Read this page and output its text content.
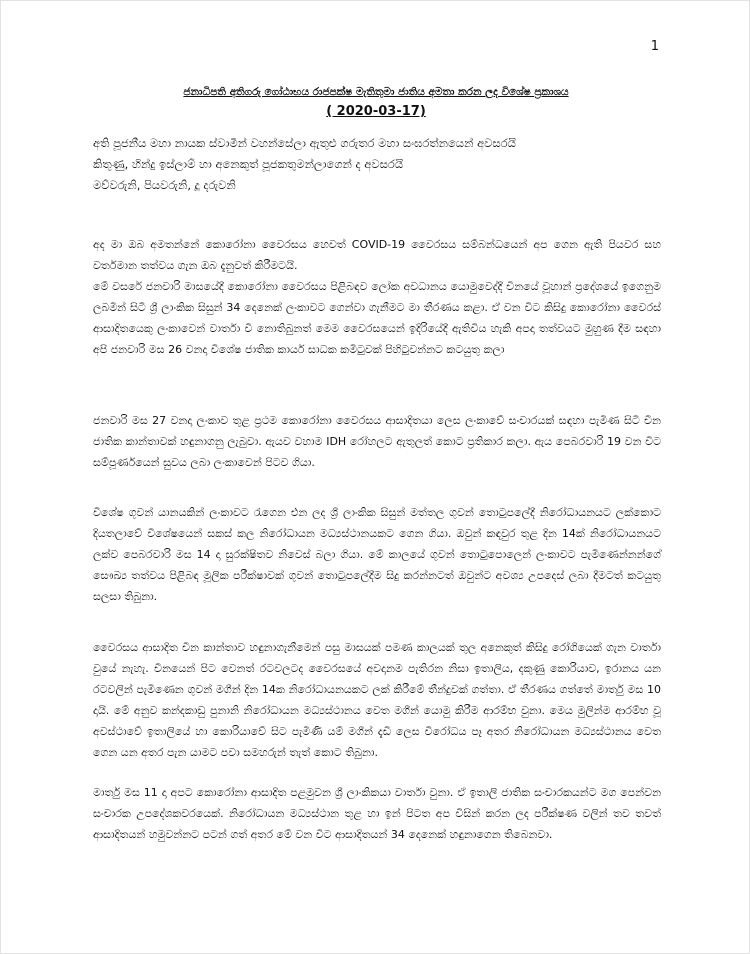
1
ජනාධිපති අතිගරු ගෝඨාභය රාජපක්ෂ මැතිතුමා ජාතිය අමතා කරන ලද විශේෂ ප්‍රකාශය
( 2020-03-17)
අති පූජනීය මහා නායක ස්වාමීන් වහන්සේලා ඇතුළු ගරුතර මහා සංඝරත්නයෙන් අවසරයි
කිතුණු, හින්දු ඉස්ලාම් හා අනෙකුත් පූජකතුමන්ලාගෙන් ද අවසරයි
මව්වරුනි, පියවරුනි, දූ දරුවනි

අද මා ඔබ අමතන්නේ කොරෝනා වෛරසය හෙවත් COVID-19 වෛරසය සම්බන්ධයෙන් අප ගෙන ඇති පියවර සහ වර්තමාන තත්වය ගැන ඔබ දැනුවත් කිරීමටයි.

මේ වසරේ ජනවාරි මාසයේදී කොරෝනා වෛරසය පිළිබඳව ලෝක අවධානය යොමුවෙද්දී චීනයේ වූහාන් ප්‍රදේශයේ ඉගෙනුම ලබමින් සිටි ශ්‍රී ලාංකික සිසුන් 34 දෙනෙක් ලංකාවට ගෙන්වා ගැනීමට මා තීරණය කළා. ඒ වන විට කිසිදු කොරෝනා වෛරස් ආසාදිතයෙකු ලංකාවෙන් වාර්තා වී නොතිබුනත් මෙම වෛරසයෙන් ඉදිරියේදී ඇතිවිය හැකි අපදා තත්වයට මුහුණ දීම සඳහා අපි ජනවාරි මස 26 වනදා විශේෂ ජාතික කාර්ය සාධක කමිටුවක් පිහිටුවන්නට කටයුතු කලා

ජනවාරි මස 27 වනදා ලංකාව තුළ ප්‍රථම කොරෝනා වෛරසය ආසාදිතයා ලෙස ලංකාවේ සංචාරයක් සඳහා පැමිණ සිටි චීන ජාතික කාන්තාවක් හඳුනාගනු ලැබුවා. ඇයව වහාම IDH රෝහලට ඇතුලත් කොට ප්‍රතිකාර කලා. ඇය පෙබරවාරි 19 වන විට සම්පූර්ණයෙන් සුවය ලබා ලංකාවෙන් පිටව ගියා.

විශේෂ ගුවන් යානයකින් ලංකාවට රැගෙන එන ලද ශ්‍රී ලාංකික සිසුන් මත්තල ගුවන් තොටුපලේදී නිරෝධායනයට ලක්කොට දියතලාවේ විශේෂයෙන් සකස් කල නිරෝධායන මධ්‍යස්ථානයකට ගෙන ගියා. ඔවුන් කඳවුර තුළ දින 14ක් නිරෝධායනයට ලක්ව පෙබරවාරි මස 14 දා සුරක්ෂිතව නිවෙස් බලා ගියා. මේ කාලයේ ගුවන් තොටුපොලෙන් ලංකාවට පැමිණෙන්නන්ගේ සෞඛ්‍ය තත්වය පිළිබඳ මූලික පරීක්ෂාවක් ගුවන් තොටුපලේදීම සිදු කරන්නටත් ඔවුන්ට අවශ්‍ය උපදෙස් ලබා දීමටත් කටයුතු සලසා තිබුනා.

වෛරසය ආසාදිත චීන කාන්තාව හඳුනාගැනීමෙන් පසු මාසයක් පමණ කාලයක් තුල අනෙකුත් කිසිදු රෝගියෙක් ගැන වාර්තා වුයේ නැහැ. චීනයෙන් පිට වෙනත් රටවලටද වෛරසයේ අවදානම පැතිරන නිසා ඉතාලිය, දකුණු කොරියාව, ඉරානය යන රටවලින් පැමිණෙන ගුවන් මගීන් දින 14ක නිරෝධායනයකට ලක් කිරීමේ තීන්දුවක් ගත්තා. ඒ තීරණය ගත්තේ මාර්තු මස 10 දායි. මේ අනුව කන්දකාඩු පුනානි නිරෝධායන මධ්‍යස්ථානය වෙත මගීන් යොමු කිරීම ආරම්භ වුනා. මෙය මුලින්ම ආරම්භ වූ අවස්ථාවේ ඉතාලියේ හා කොරියාවේ සිට පැමිණි යම් මගීන් දැඩි ලෙස විරෝධය පෑ අතර නිරෝධායන මධ්‍යස්ථානය වෙත ගෙන යන අතර පැන යාමට පවා සමහරුන් තැත් කොට තිබුනා.

මාර්තු මස 11 දා අපට කොරෝනා ආසාදිත පළමුවන ශ්‍රී ලාංකිකයා වාර්තා වුනා. ඒ ඉතාලි ජාතික සංචාරකයන්ට මග පෙන්වන සංචාරක උපදේශකවරයෙක්. නිරෝධායන මධ්‍යස්ථාන තුළ හා ඉන් පිටත අප විසින් කරන ලද පරීක්ෂණ වලින් තව තවත් ආසාදිතයන් හමුවන්නට පටන් ගත් අතර මේ වන විට ආසාදිතයන් 34 දෙනෙක් හඳුනාගෙන තිබෙනවා.
